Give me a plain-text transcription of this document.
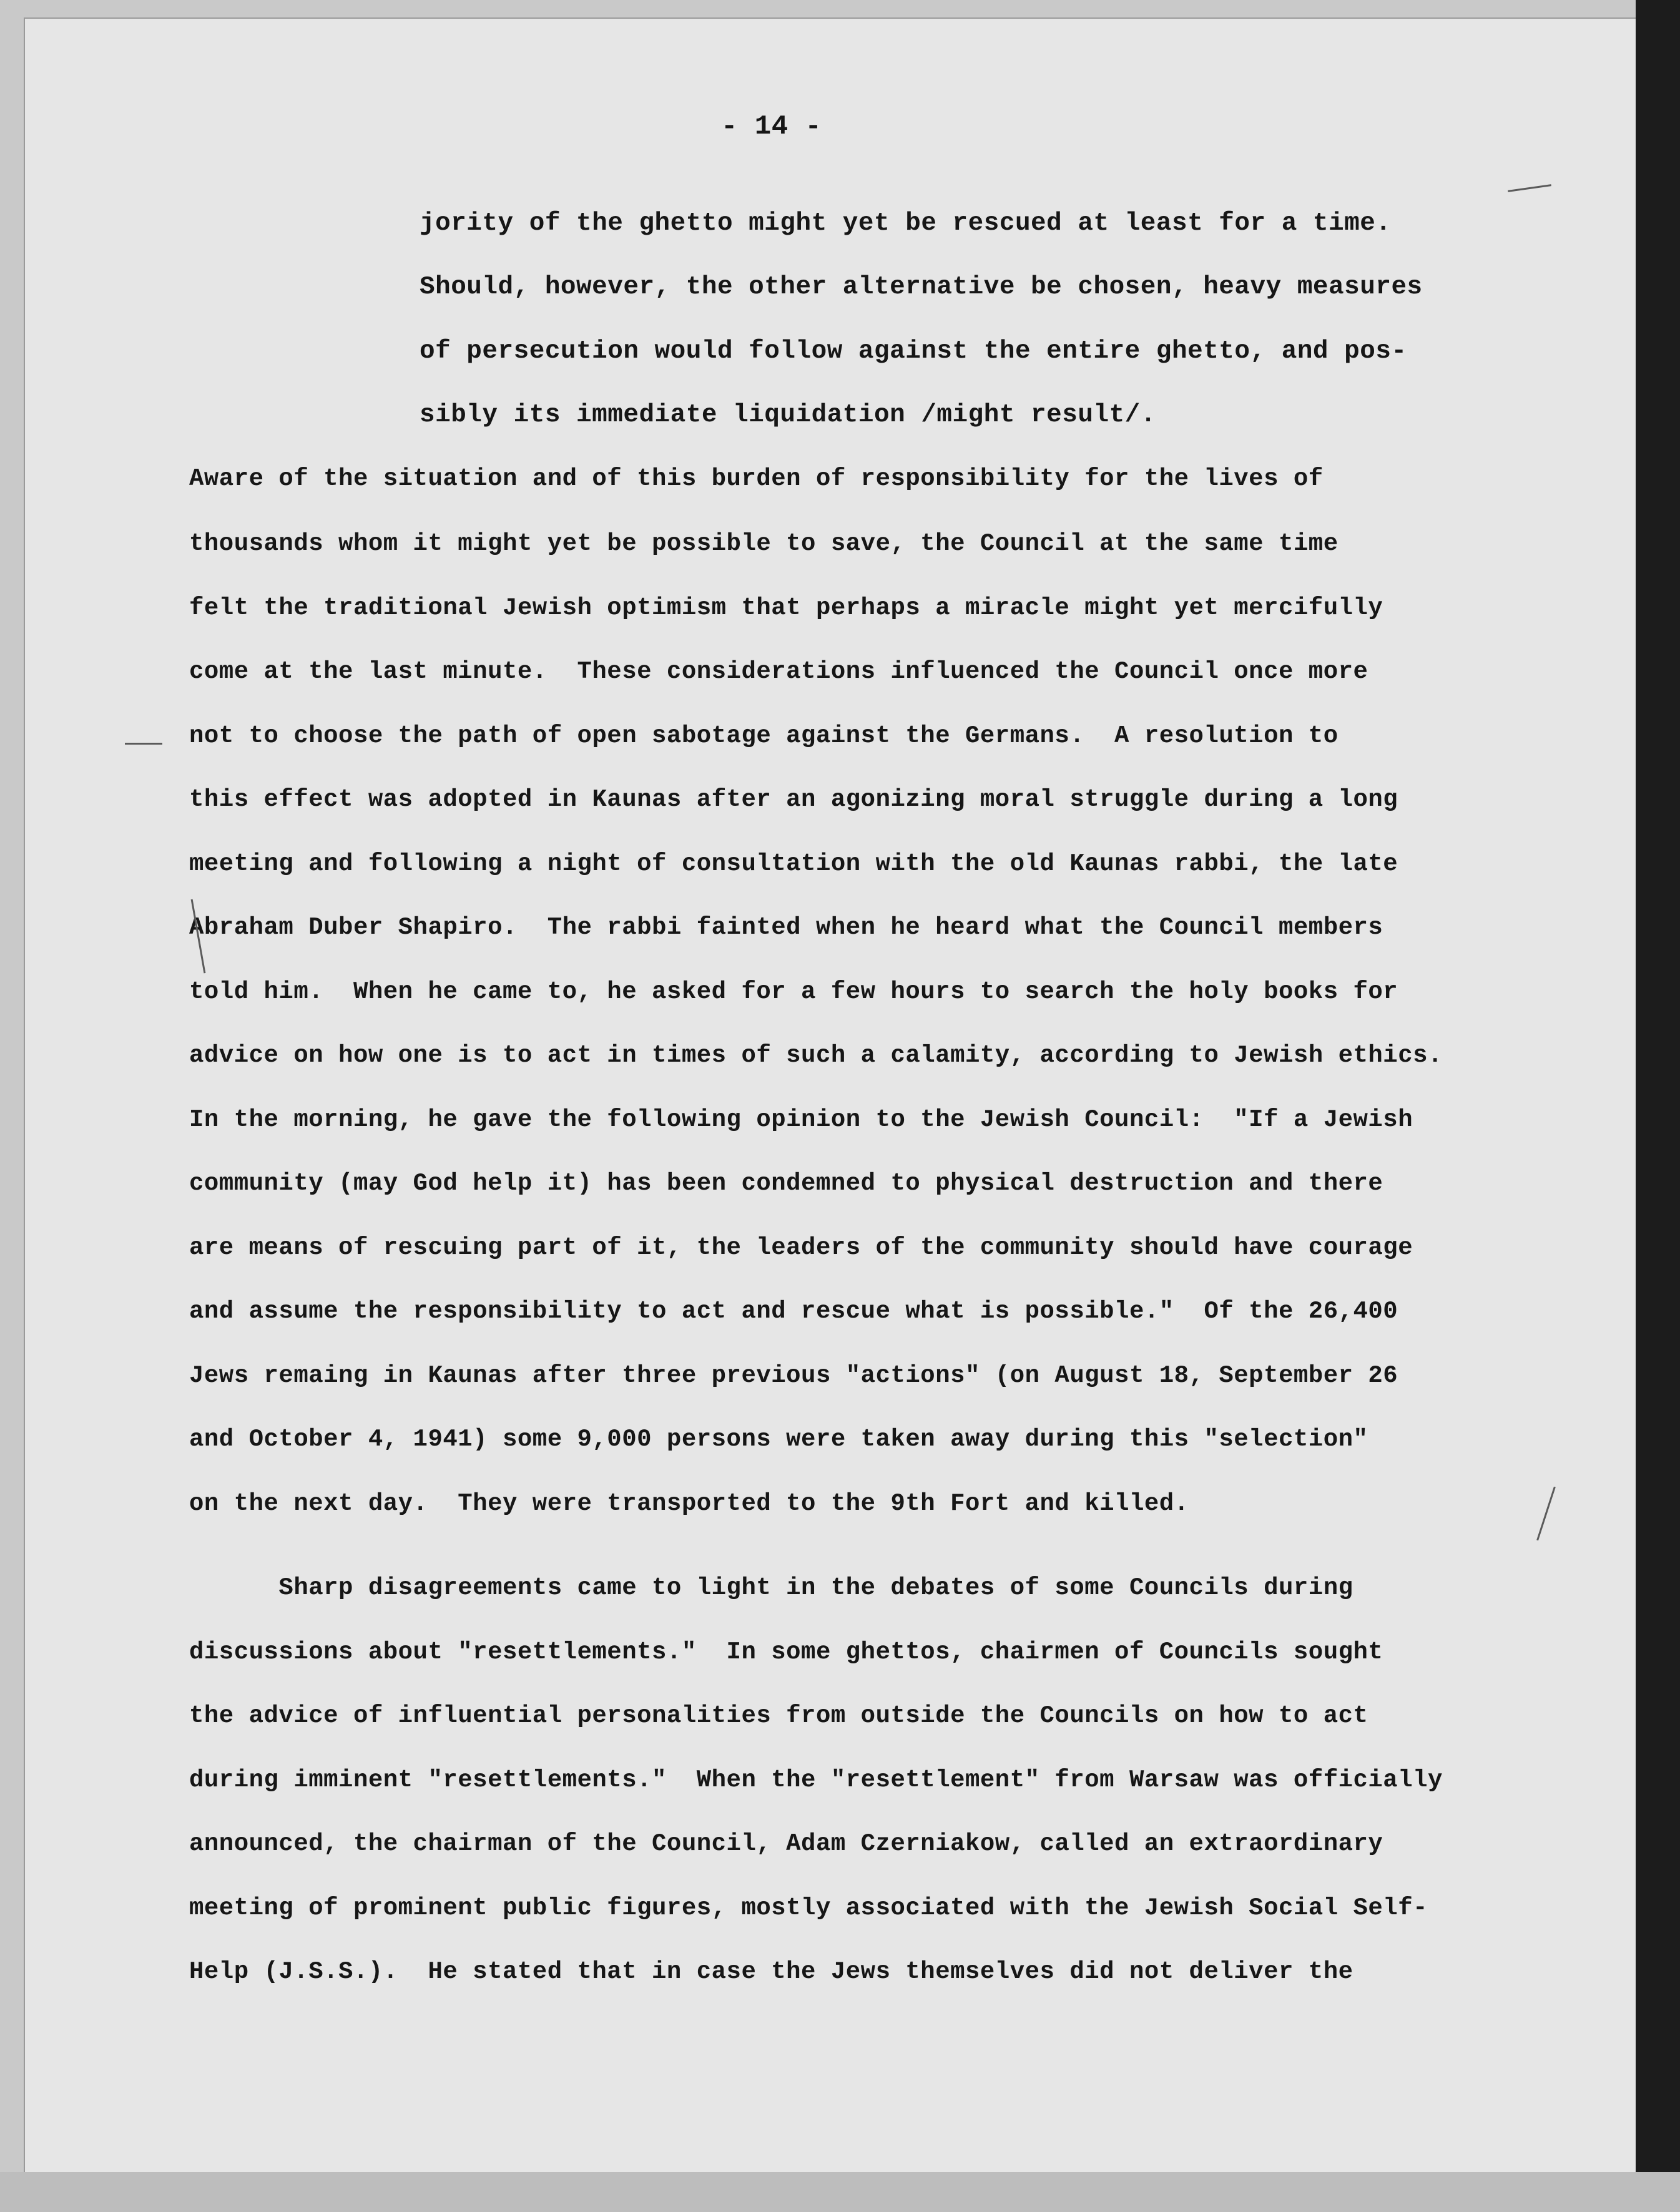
- 14 -
jority of the ghetto might yet be rescued at least for a time.
Should, however, the other alternative be chosen, heavy measures
of persecution would follow against the entire ghetto, and pos-
sibly its immediate liquidation /might result/.
Aware of the situation and of this burden of responsibility for the lives of
thousands whom it might yet be possible to save, the Council at the same time
felt the traditional Jewish optimism that perhaps a miracle might yet mercifully
come at the last minute.  These considerations influenced the Council once more
not to choose the path of open sabotage against the Germans.  A resolution to
this effect was adopted in Kaunas after an agonizing moral struggle during a long
meeting and following a night of consultation with the old Kaunas rabbi, the late
Abraham Duber Shapiro.  The rabbi fainted when he heard what the Council members
told him.  When he came to, he asked for a few hours to search the holy books for
advice on how one is to act in times of such a calamity, according to Jewish ethics.
In the morning, he gave the following opinion to the Jewish Council:  "If a Jewish
community (may God help it) has been condemned to physical destruction and there
are means of rescuing part of it, the leaders of the community should have courage
and assume the responsibility to act and rescue what is possible."  Of the 26,400
Jews remaing in Kaunas after three previous "actions" (on August 18, September 26
and October 4, 1941) some 9,000 persons were taken away during this "selection"
on the next day.  They were transported to the 9th Fort and killed.
Sharp disagreements came to light in the debates of some Councils during
discussions about "resettlements."  In some ghettos, chairmen of Councils sought
the advice of influential personalities from outside the Councils on how to act
during imminent "resettlements."  When the "resettlement" from Warsaw was officially
announced, the chairman of the Council, Adam Czerniakow, called an extraordinary
meeting of prominent public figures, mostly associated with the Jewish Social Self-
Help (J.S.S.).  He stated that in case the Jews themselves did not deliver the
